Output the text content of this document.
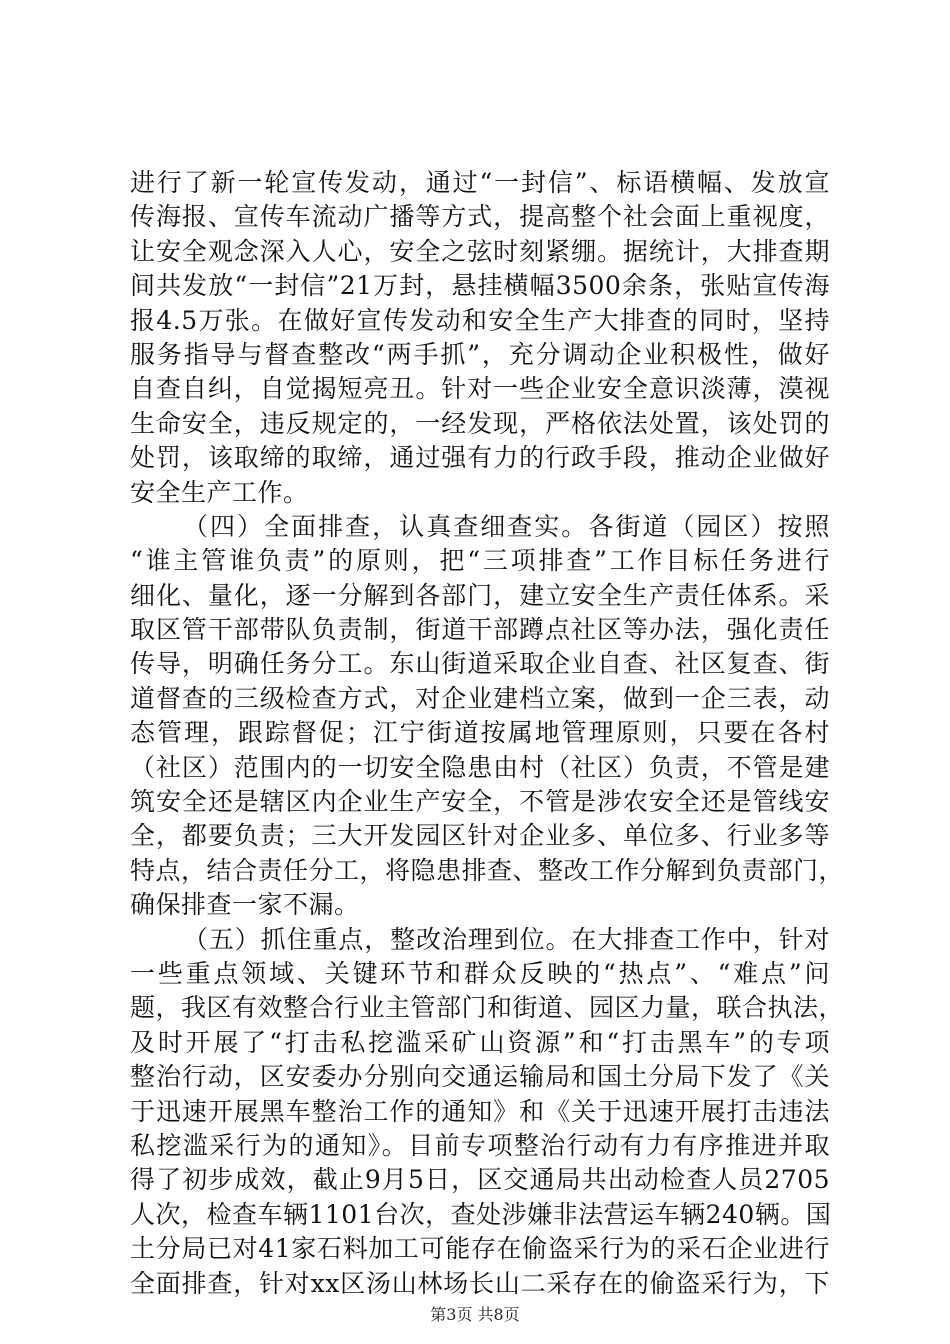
进行了新一轮宣传发动，通过“一封信”、标语横幅、发放宣
传海报、宣传车流动广播等方式，提高整个社会面上重视度，
让安全观念深入人心，安全之弦时刻紧绷。据统计，大排查期
间共发放“一封信”21万封，悬挂横幅3500余条，张贴宣传海
报4.5万张。在做好宣传发动和安全生产大排查的同时，坚持
服务指导与督查整改“两手抓”，充分调动企业积极性，做好
自查自纠，自觉揭短亮丑。针对一些企业安全意识淡薄，漠视
生命安全，违反规定的，一经发现，严格依法处置，该处罚的
处罚，该取缔的取缔，通过强有力的行政手段，推动企业做好
安全生产工作。
（四）全面排查，认真查细查实。各街道（园区）按照
“谁主管谁负责”的原则，把“三项排查”工作目标任务进行
细化、量化，逐一分解到各部门，建立安全生产责任体系。采
取区管干部带队负责制，街道干部蹲点社区等办法，强化责任
传导，明确任务分工。东山街道采取企业自查、社区复查、街
道督查的三级检查方式，对企业建档立案，做到一企三表，动
态管理，跟踪督促；江宁街道按属地管理原则，只要在各村
（社区）范围内的一切安全隐患由村（社区）负责，不管是建
筑安全还是辖区内企业生产安全，不管是涉农安全还是管线安
全，都要负责；三大开发园区针对企业多、单位多、行业多等
特点，结合责任分工，将隐患排查、整改工作分解到负责部门，
确保排查一家不漏。
（五）抓住重点，整改治理到位。在大排查工作中，针对
一些重点领域、关键环节和群众反映的“热点”、“难点”问
题，我区有效整合行业主管部门和街道、园区力量，联合执法，
及时开展了“打击私挖滥采矿山资源”和“打击黑车”的专项
整治行动，区安委办分别向交通运输局和国土分局下发了《关
于迅速开展黑车整治工作的通知》和《关于迅速开展打击违法
私挖滥采行为的通知》。目前专项整治行动有力有序推进并取
得了初步成效，截止9月5日，区交通局共出动检查人员2705
人次，检查车辆1101台次，查处涉嫌非法营运车辆240辆。国
土分局已对41家石料加工可能存在偷盗采行为的采石企业进行
全面排查，针对xx区汤山林场长山二采存在的偷盗采行为，下
第3页 共8页
